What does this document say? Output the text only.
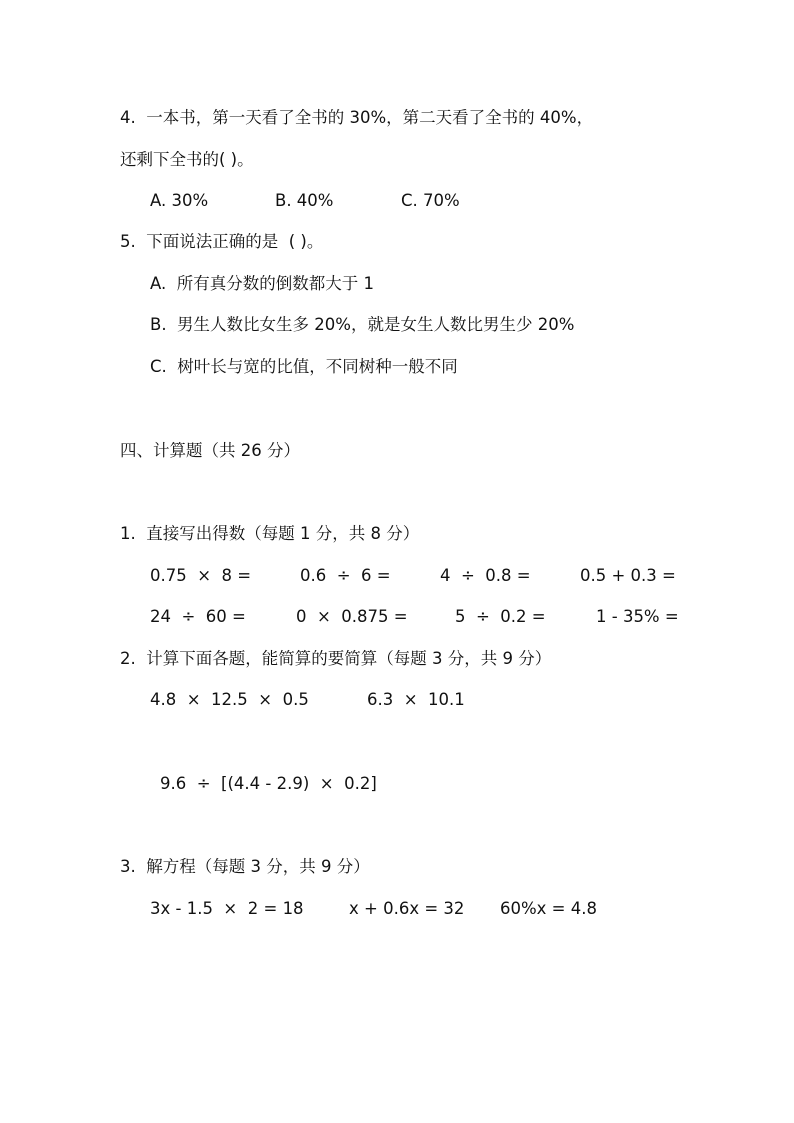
4.  一本书，第一天看了全书的 30%，第二天看了全书的 40%，
还剩下全书的( )。
A. 30%	B. 40%	C. 70%
5.  下面说法正确的是  ( )。
A.  所有真分数的倒数都大于 1
B.  男生人数比女生多 20%，就是女生人数比男生少 20%
C.  树叶长与宽的比值，不同树种一般不同
四、计算题（共 26 分）
1.  直接写出得数（每题 1 分，共 8 分）
0.75  ×  8 =	0.6  ÷  6 =	4  ÷  0.8 =	0.5 + 0.3 =
24  ÷  60 =	0  ×  0.875 =	5  ÷  0.2 =	1 - 35% =
2.  计算下面各题，能简算的要简算（每题 3 分，共 9 分）
4.8  ×  12.5  ×  0.5	6.3  ×  10.1
9.6  ÷  [(4.4 - 2.9)  ×  0.2]
3.  解方程（每题 3 分，共 9 分）
3x - 1.5  ×  2 = 18	x + 0.6x = 32 60%x = 4.8
